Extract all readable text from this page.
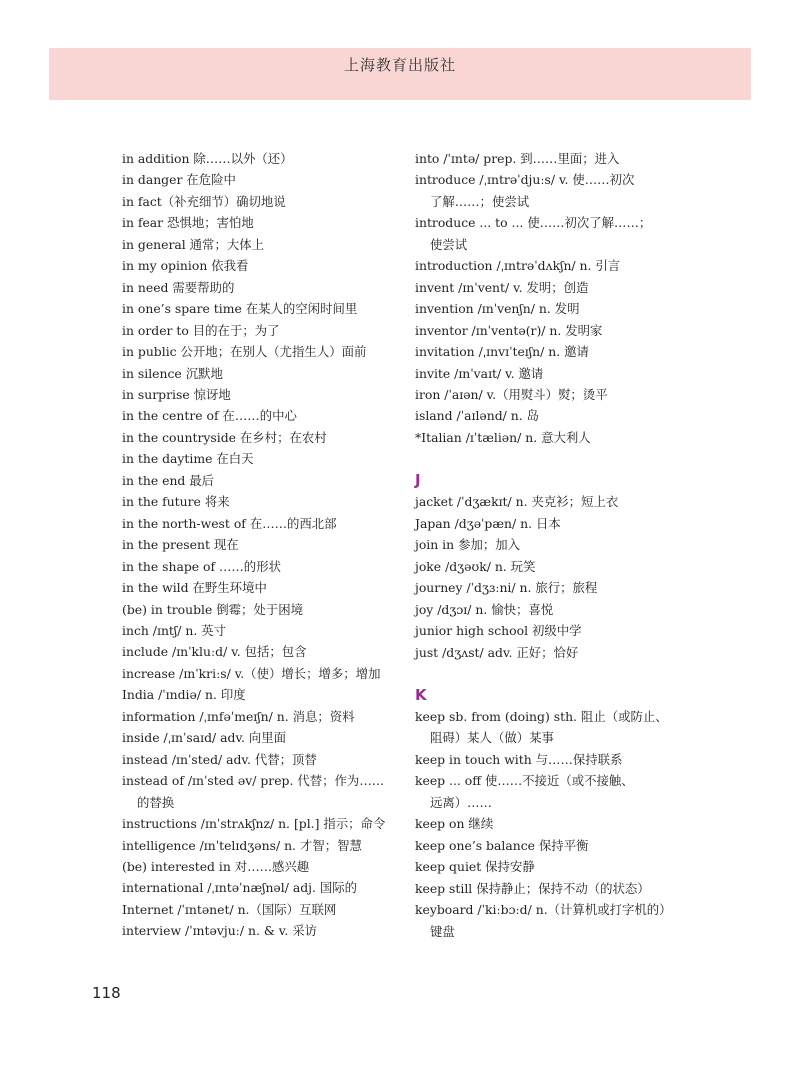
上海教育出版社
in addition 除……以外（还）
in danger 在危险中
in fact（补充细节）确切地说
in fear 恐惧地；害怕地
in general 通常；大体上
in my opinion 依我看
in need 需要帮助的
in one’s spare time 在某人的空闲时间里
in order to 目的在于；为了
in public 公开地；在别人（尤指生人）面前
in silence 沉默地
in surprise 惊讶地
in the centre of 在……的中心
in the countryside 在乡村；在农村
in the daytime 在白天
in the end 最后
in the future 将来
in the north-west of 在……的西北部
in the present 现在
in the shape of ……的形状
in the wild 在野生环境中
(be) in trouble 倒霉；处于困境
inch /ɪntʃ/ n. 英寸
include /ɪnˈkluːd/ v. 包括；包含
increase /ɪnˈkriːs/ v.（使）增长；增多；增加
India /ˈɪndiə/ n. 印度
information /ˌɪnfəˈmeɪʃn/ n. 消息；资料
inside /ˌɪnˈsaɪd/ adv. 向里面
instead /ɪnˈsted/ adv. 代替；顶替
instead of /ɪnˈsted əv/ prep. 代替；作为……
的替换
instructions /ɪnˈstrʌkʃnz/ n. [pl.] 指示；命令
intelligence /ɪnˈtelɪdʒəns/ n. 才智；智慧
(be) interested in 对……感兴趣
international /ˌɪntəˈnæʃnəl/ adj. 国际的
Internet /ˈɪntənet/ n.（国际）互联网
interview /ˈɪntəvjuː/ n. & v. 采访
into /ˈɪntə/ prep. 到……里面；进入
introduce /ˌɪntrəˈdjuːs/ v. 使……初次
了解……；使尝试
introduce ... to ... 使……初次了解……；
使尝试
introduction /ˌɪntrəˈdʌkʃn/ n. 引言
invent /ɪnˈvent/ v. 发明；创造
invention /ɪnˈvenʃn/ n. 发明
inventor /ɪnˈventə(r)/ n. 发明家
invitation /ˌɪnvɪˈteɪʃn/ n. 邀请
invite /ɪnˈvaɪt/ v. 邀请
iron /ˈaɪən/ v.（用熨斗）熨；烫平
island /ˈaɪlənd/ n. 岛
*Italian /ɪˈtæliən/ n. 意大利人
J
jacket /ˈdʒækɪt/ n. 夹克衫；短上衣
Japan /dʒəˈpæn/ n. 日本
join in 参加；加入
joke /dʒəʊk/ n. 玩笑
journey /ˈdʒɜːni/ n. 旅行；旅程
joy /dʒɔɪ/ n. 愉快；喜悦
junior high school 初级中学
just /dʒʌst/ adv. 正好；恰好
K
keep sb. from (doing) sth. 阻止（或防止、
阻碍）某人（做）某事
keep in touch with 与……保持联系
keep ... off 使……不接近（或不接触、
远离）……
keep on 继续
keep one’s balance 保持平衡
keep quiet 保持安静
keep still 保持静止；保持不动（的状态）
keyboard /ˈkiːbɔːd/ n.（计算机或打字机的）
键盘
118
